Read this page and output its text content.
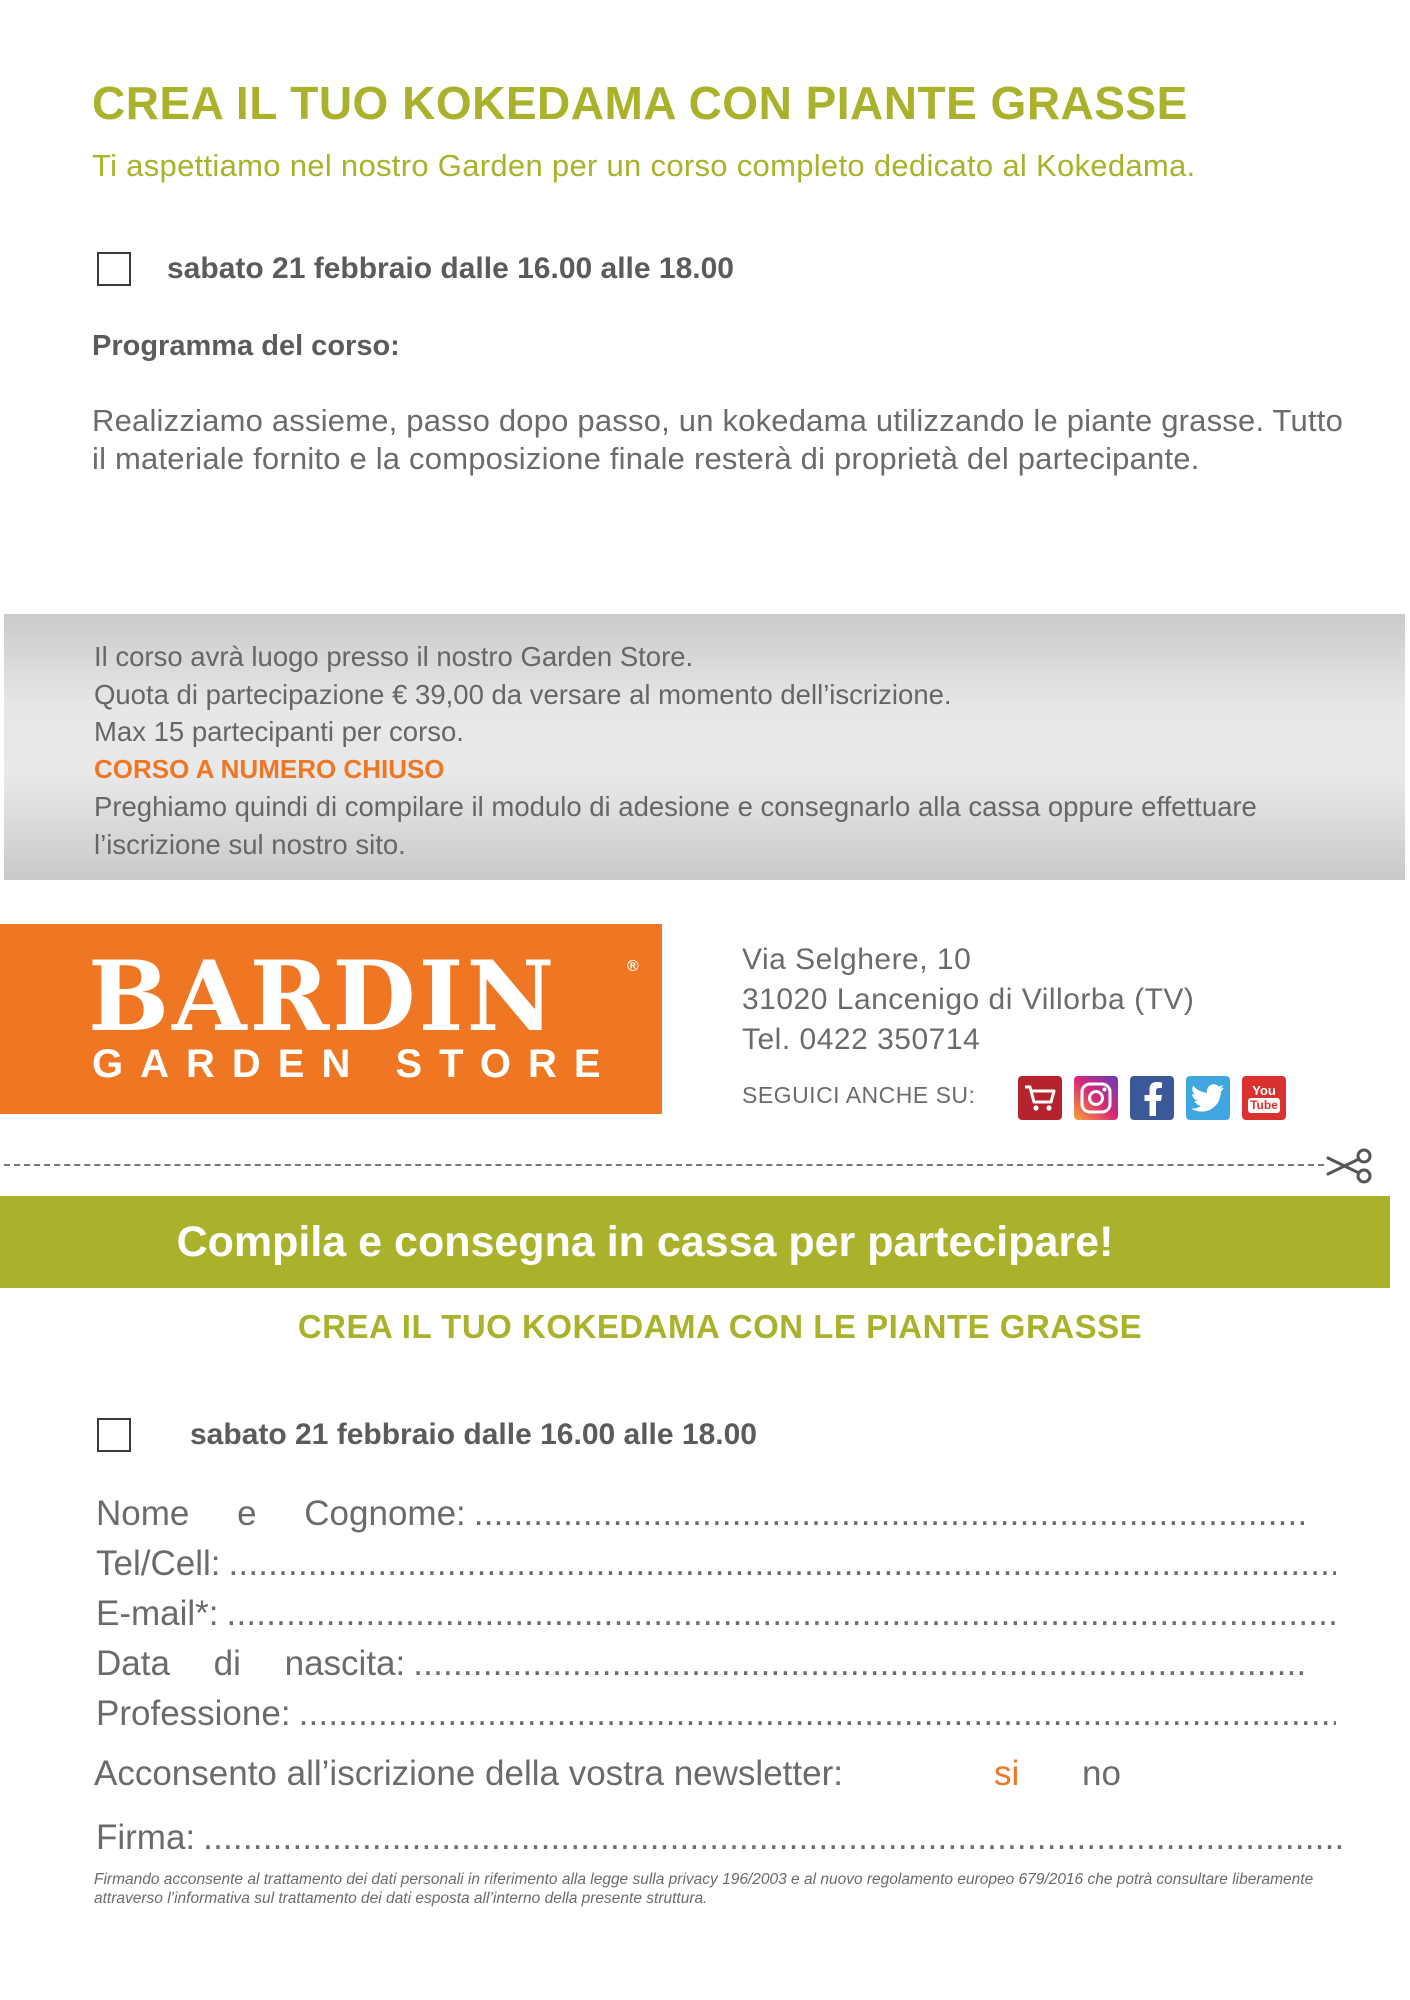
CREA IL TUO KOKEDAMA CON PIANTE GRASSE
Ti aspettiamo nel nostro Garden per un corso completo dedicato al Kokedama.
sabato 21 febbraio dalle 16.00 alle 18.00
Programma del corso:
Realizziamo assieme, passo dopo passo, un kokedama utilizzando le piante grasse. Tutto il materiale fornito e la composizione finale resterà di proprietà del partecipante.
Il corso avrà luogo presso il nostro Garden Store.
Quota di partecipazione € 39,00 da versare al momento dell’iscrizione.
Max 15 partecipanti per corso.
CORSO A NUMERO CHIUSO
Preghiamo quindi di compilare il modulo di adesione e consegnarlo alla cassa oppure effettuare l’iscrizione sul nostro sito.
BARDIN	®
GARDEN STORE
Via Selghere, 10
31020 Lancenigo di Villorba (TV)
Tel. 0422 350714
SEGUICI ANCHE SU:	You
Tube
Compila e consegna in cassa per partecipare!
CREA IL TUO KOKEDAMA CON LE PIANTE GRASSE
sabato 21 febbraio dalle 16.00 alle 18.00
Nome e Cognome:
.....
Tel/Cell:
.....
E-mail*:
.....
Data di nascita:
.....
Professione:
.....
Acconsento all’iscrizione della vostra newsletter:	si no
Firma:
.....
Firmando acconsente al trattamento dei dati personali in riferimento alla legge sulla privacy 196/2003 e al nuovo regolamento europeo 679/2016 che potrà consultare liberamente attraverso l’informativa sul trattamento dei dati esposta all’interno della presente struttura.
